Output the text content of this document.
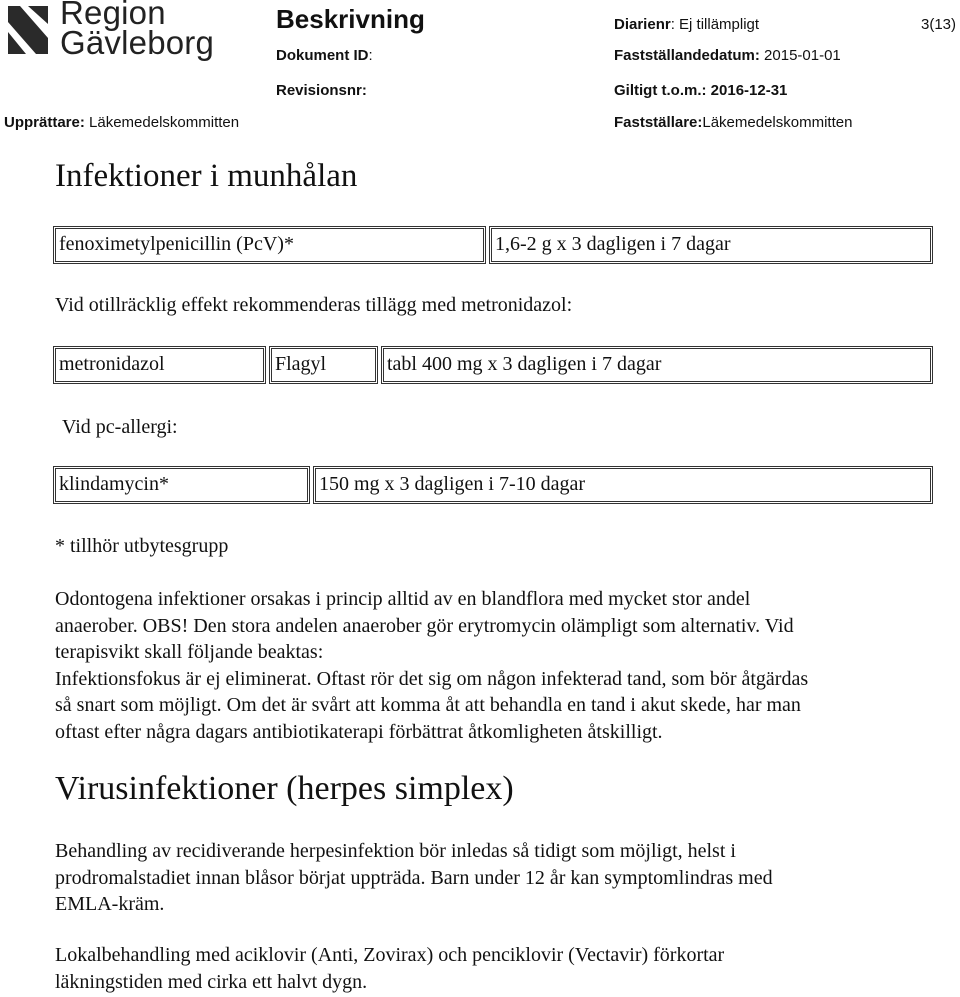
Region
Gävleborg
Beskrivning	Diarienr: Ej tillämpligt	3(13)
Dokument ID:	Fastställandedatum: 2015-01-01
Revisionsnr:	Giltigt t.o.m.: 2016-12-31
Upprättare: Läkemedelskommitten	Fastställare:Läkemedelskommitten
Infektioner i munhålan
fenoximetylpenicillin (PcV)*	1,6-2 g x 3 dagligen i 7 dagar
Vid otillräcklig effekt rekommenderas tillägg med metronidazol:
metronidazol	Flagyl	tabl 400 mg x 3 dagligen i 7 dagar
Vid pc-allergi:
klindamycin*	150 mg x 3 dagligen i 7-10 dagar
* tillhör utbytesgrupp
Odontogena infektioner orsakas i princip alltid av en blandflora med mycket stor andel
anaerober. OBS! Den stora andelen anaerober gör erytromycin olämpligt som alternativ. Vid
terapisvikt skall följande beaktas:
Infektionsfokus är ej eliminerat. Oftast rör det sig om någon infekterad tand, som bör åtgärdas
så snart som möjligt. Om det är svårt att komma åt att behandla en tand i akut skede, har man
oftast efter några dagars antibiotikaterapi förbättrat åtkomligheten åtskilligt.
Virusinfektioner (herpes simplex)
Behandling av recidiverande herpesinfektion bör inledas så tidigt som möjligt, helst i
prodromalstadiet innan blåsor börjat uppträda. Barn under 12 år kan symptomlindras med
EMLA-kräm.
Lokalbehandling med aciklovir (Anti, Zovirax) och penciklovir (Vectavir) förkortar
läkningstiden med cirka ett halvt dygn.
